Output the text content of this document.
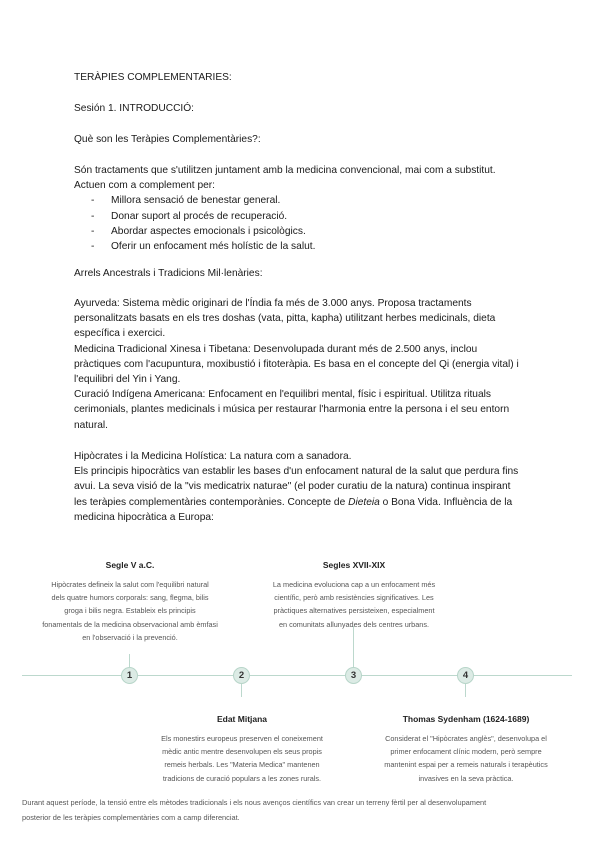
TERÀPIES COMPLEMENTARIES:
Sesión 1. INTRODUCCIÓ:
Què son les Teràpies Complementàries?:
Són tractaments que s'utilitzen juntament amb la medicina convencional, mai com a substitut.
Actuen com a complement per:
- Millora sensació de benestar general.
- Donar suport al procés de recuperació.
- Abordar aspectes emocionals i psicològics.
- Oferir un enfocament més holístic de la salut.
Arrels Ancestrals i Tradicions Mil·lenàries:
Ayurveda: Sistema mèdic originari de l'Índia fa més de 3.000 anys. Proposa tractaments
personalitzats basats en els tres doshas (vata, pitta, kapha) utilitzant herbes medicinals, dieta
específica i exercici.
Medicina Tradicional Xinesa i Tibetana: Desenvolupada durant més de 2.500 anys, inclou
pràctiques com l'acupuntura, moxibustió i fitoteràpia. Es basa en el concepte del Qi (energia vital) i
l'equilibri del Yin i Yang.
Curació Indígena Americana: Enfocament en l'equilibri mental, físic i espiritual. Utilitza rituals
cerimonials, plantes medicinals i música per restaurar l'harmonia entre la persona i el seu entorn
natural.
Hipòcrates i la Medicina Holística: La natura com a sanadora.
Els principis hipocràtics van establir les bases d'un enfocament natural de la salut que perdura fins
avui. La seva visió de la "vis medicatrix naturae" (el poder curatiu de la natura) continua inspirant
les teràpies complementàries contemporànies. Concepte de Dieteia o Bona Vida. Influència de la
medicina hipocràtica a Europa:
1	2	3	4
Segle V a.C.
Hipòcrates defineix la salut com l'equilibri natural
dels quatre humors corporals: sang, flegma, bilis
groga i bilis negra. Estableix els principis
fonamentals de la medicina observacional amb èmfasi
en l'observació i la prevenció.
Segles XVII-XIX
La medicina evoluciona cap a un enfocament més
científic, però amb resistències significatives. Les
pràctiques alternatives persisteixen, especialment
en comunitats allunyades dels centres urbans.
Edat Mitjana
Els monestirs europeus preserven el coneixement
mèdic antic mentre desenvolupen els seus propis
remeis herbals. Les "Materia Medica" mantenen
tradicions de curació populars a les zones rurals.
Thomas Sydenham (1624-1689)
Considerat el "Hipòcrates anglès", desenvolupa el
primer enfocament clínic modern, però sempre
mantenint espai per a remeis naturals i terapèutics
invasives en la seva pràctica.
Durant aquest període, la tensió entre els mètodes tradicionals i els nous avenços científics van crear un terreny fèrtil per al desenvolupament
posterior de les teràpies complementàries com a camp diferenciat.
